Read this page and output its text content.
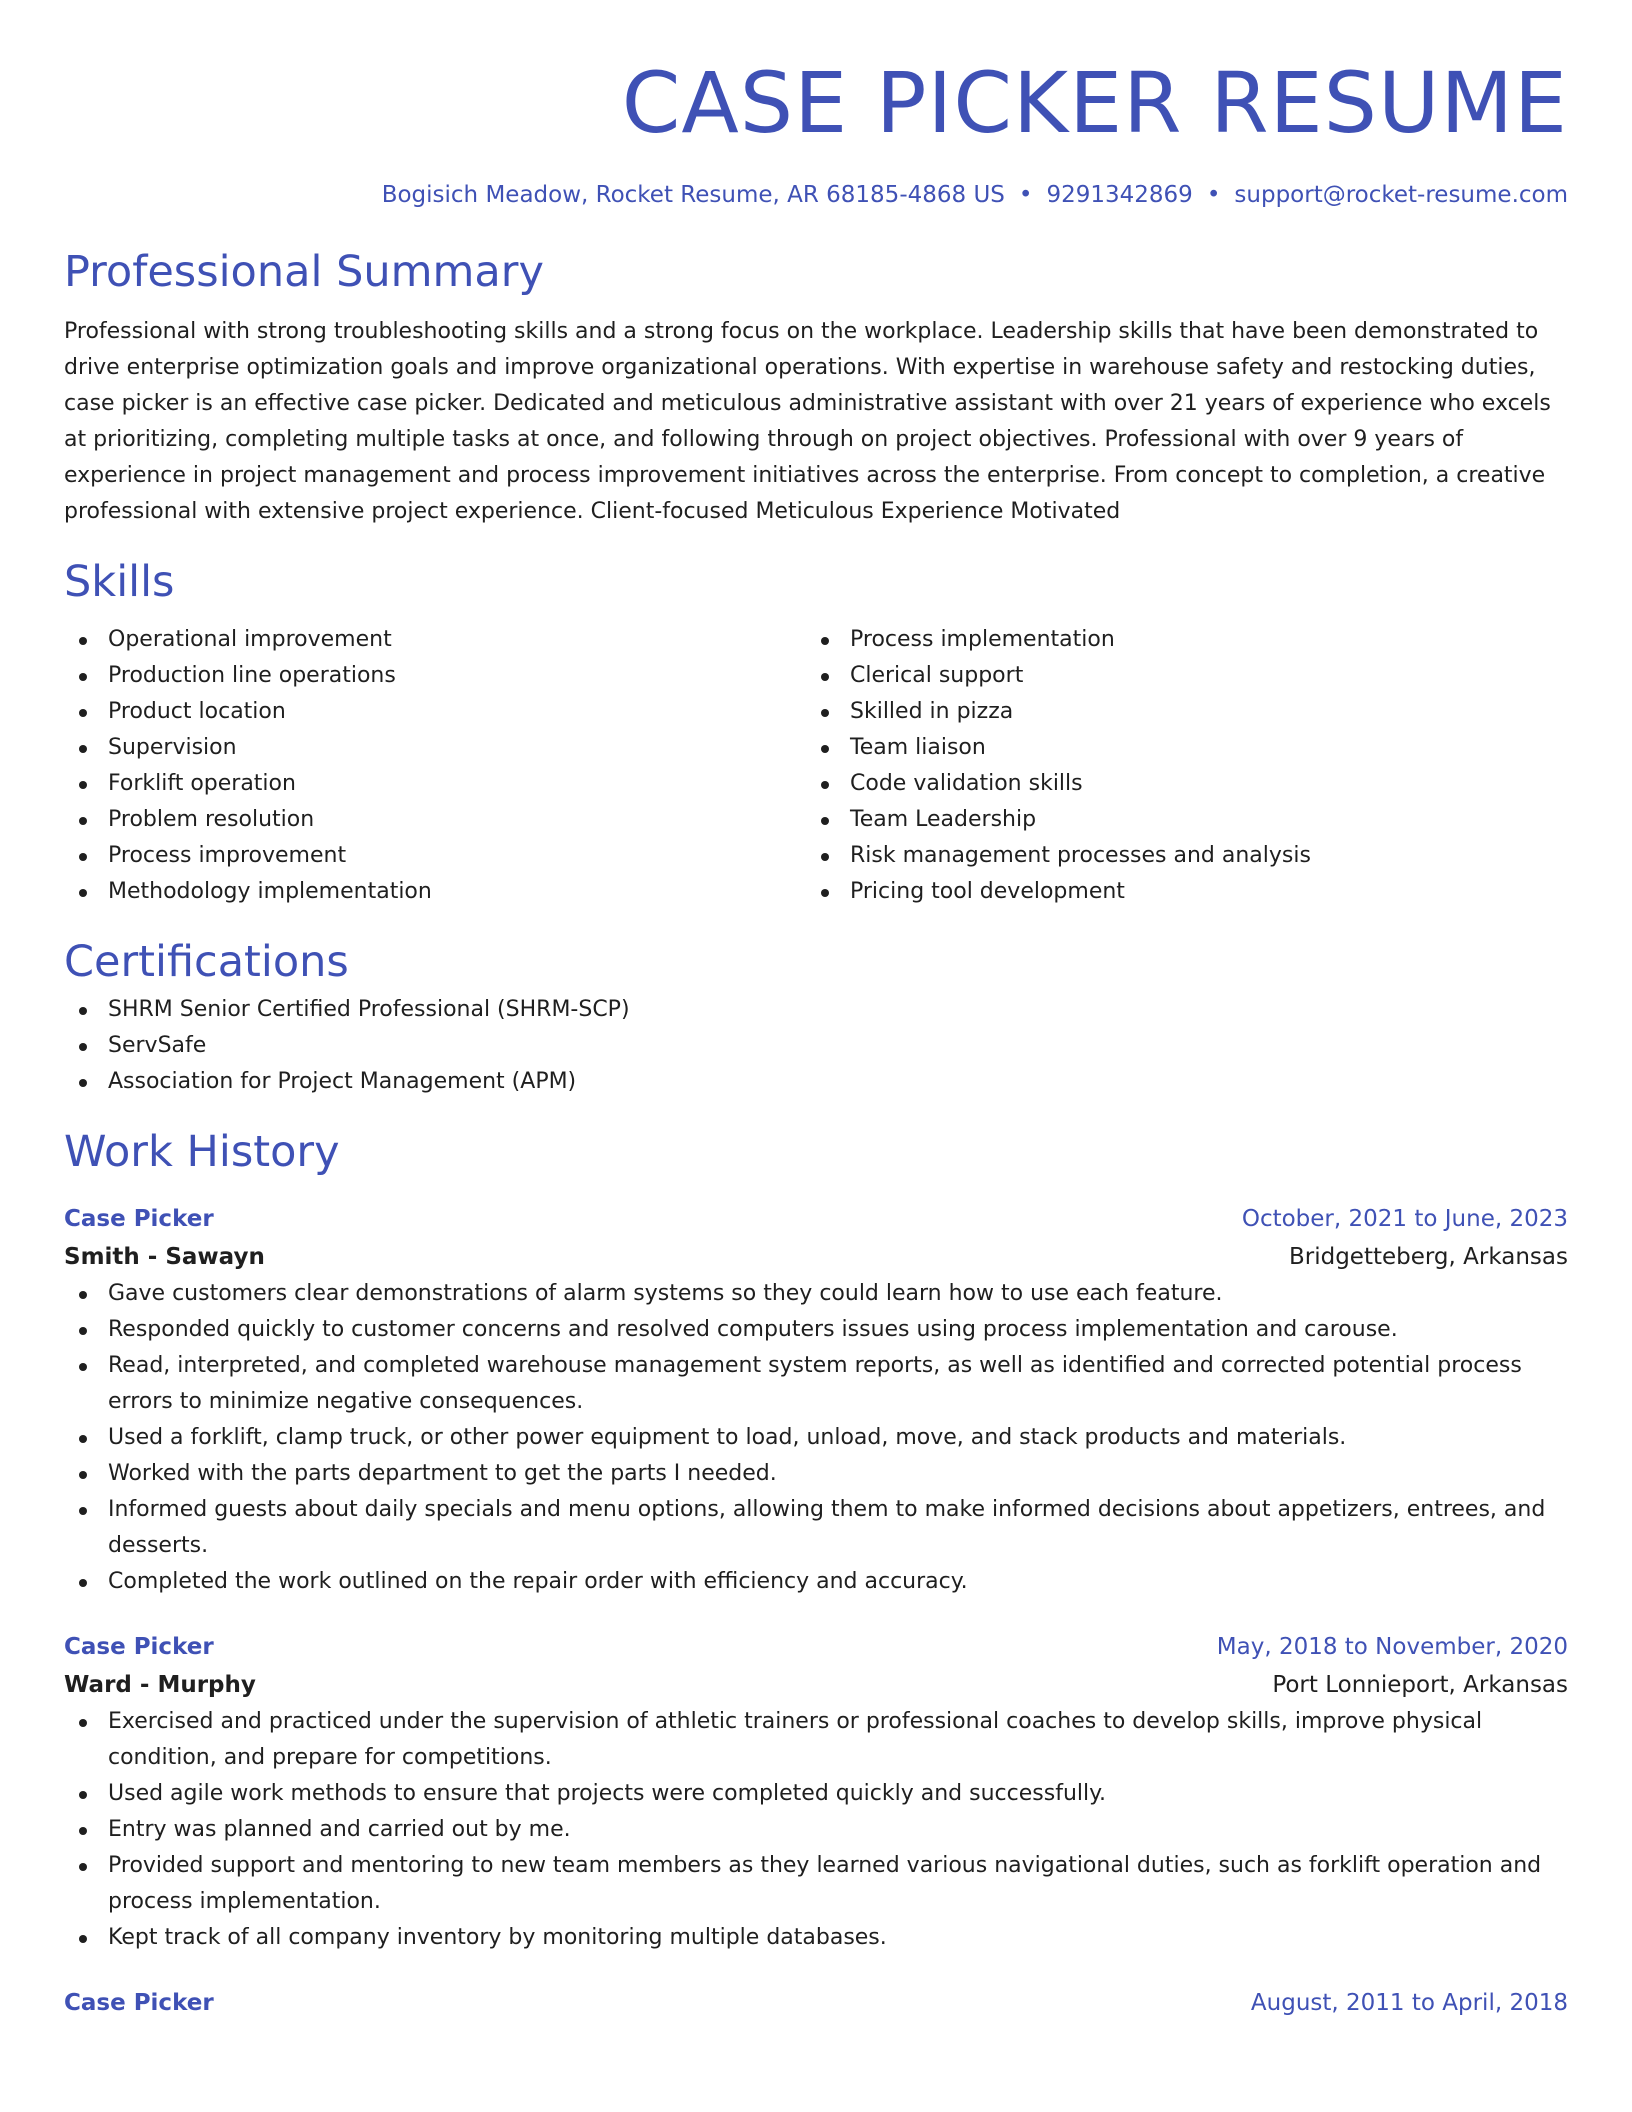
CASE PICKER RESUME
Bogisich Meadow, Rocket Resume, AR 68185-4868 US • 9291342869 • support@rocket-resume.com
Professional Summary

Professional with strong troubleshooting skills and a strong focus on the workplace. Leadership skills that have been demonstrated to drive enterprise optimization goals and improve organizational operations. With expertise in warehouse safety and restocking duties, case picker is an effective case picker. Dedicated and meticulous administrative assistant with over 21 years of experience who excels at prioritizing, completing multiple tasks at once, and following through on project objectives. Professional with over 9 years of experience in project management and process improvement initiatives across the enterprise. From concept to completion, a creative professional with extensive project experience. Client-focused Meticulous Experience Motivated

Skills
Operational improvement
Production line operations
Product location
Supervision
Forklift operation
Problem resolution
Process improvement
Methodology implementation
Process implementation
Clerical support
Skilled in pizza
Team liaison
Code validation skills
Team Leadership
Risk management processes and analysis
Pricing tool development
Certifications
SHRM Senior Certified Professional (SHRM-SCP)
ServSafe
Association for Project Management (APM)
Work History
Case Picker	October, 2021 to June, 2023
Smith - Sawayn	Bridgetteberg, Arkansas
Gave customers clear demonstrations of alarm systems so they could learn how to use each feature.
Responded quickly to customer concerns and resolved computers issues using process implementation and carouse.
Read, interpreted, and completed warehouse management system reports, as well as identified and corrected potential process errors to minimize negative consequences.
Used a forklift, clamp truck, or other power equipment to load, unload, move, and stack products and materials.
Worked with the parts department to get the parts I needed.
Informed guests about daily specials and menu options, allowing them to make informed decisions about appetizers, entrees, and desserts.
Completed the work outlined on the repair order with efficiency and accuracy.
Case Picker	May, 2018 to November, 2020
Ward - Murphy	Port Lonnieport, Arkansas
Exercised and practiced under the supervision of athletic trainers or professional coaches to develop skills, improve physical condition, and prepare for competitions.
Used agile work methods to ensure that projects were completed quickly and successfully.
Entry was planned and carried out by me.
Provided support and mentoring to new team members as they learned various navigational duties, such as forklift operation and process implementation.
Kept track of all company inventory by monitoring multiple databases.
Case Picker	August, 2011 to April, 2018
